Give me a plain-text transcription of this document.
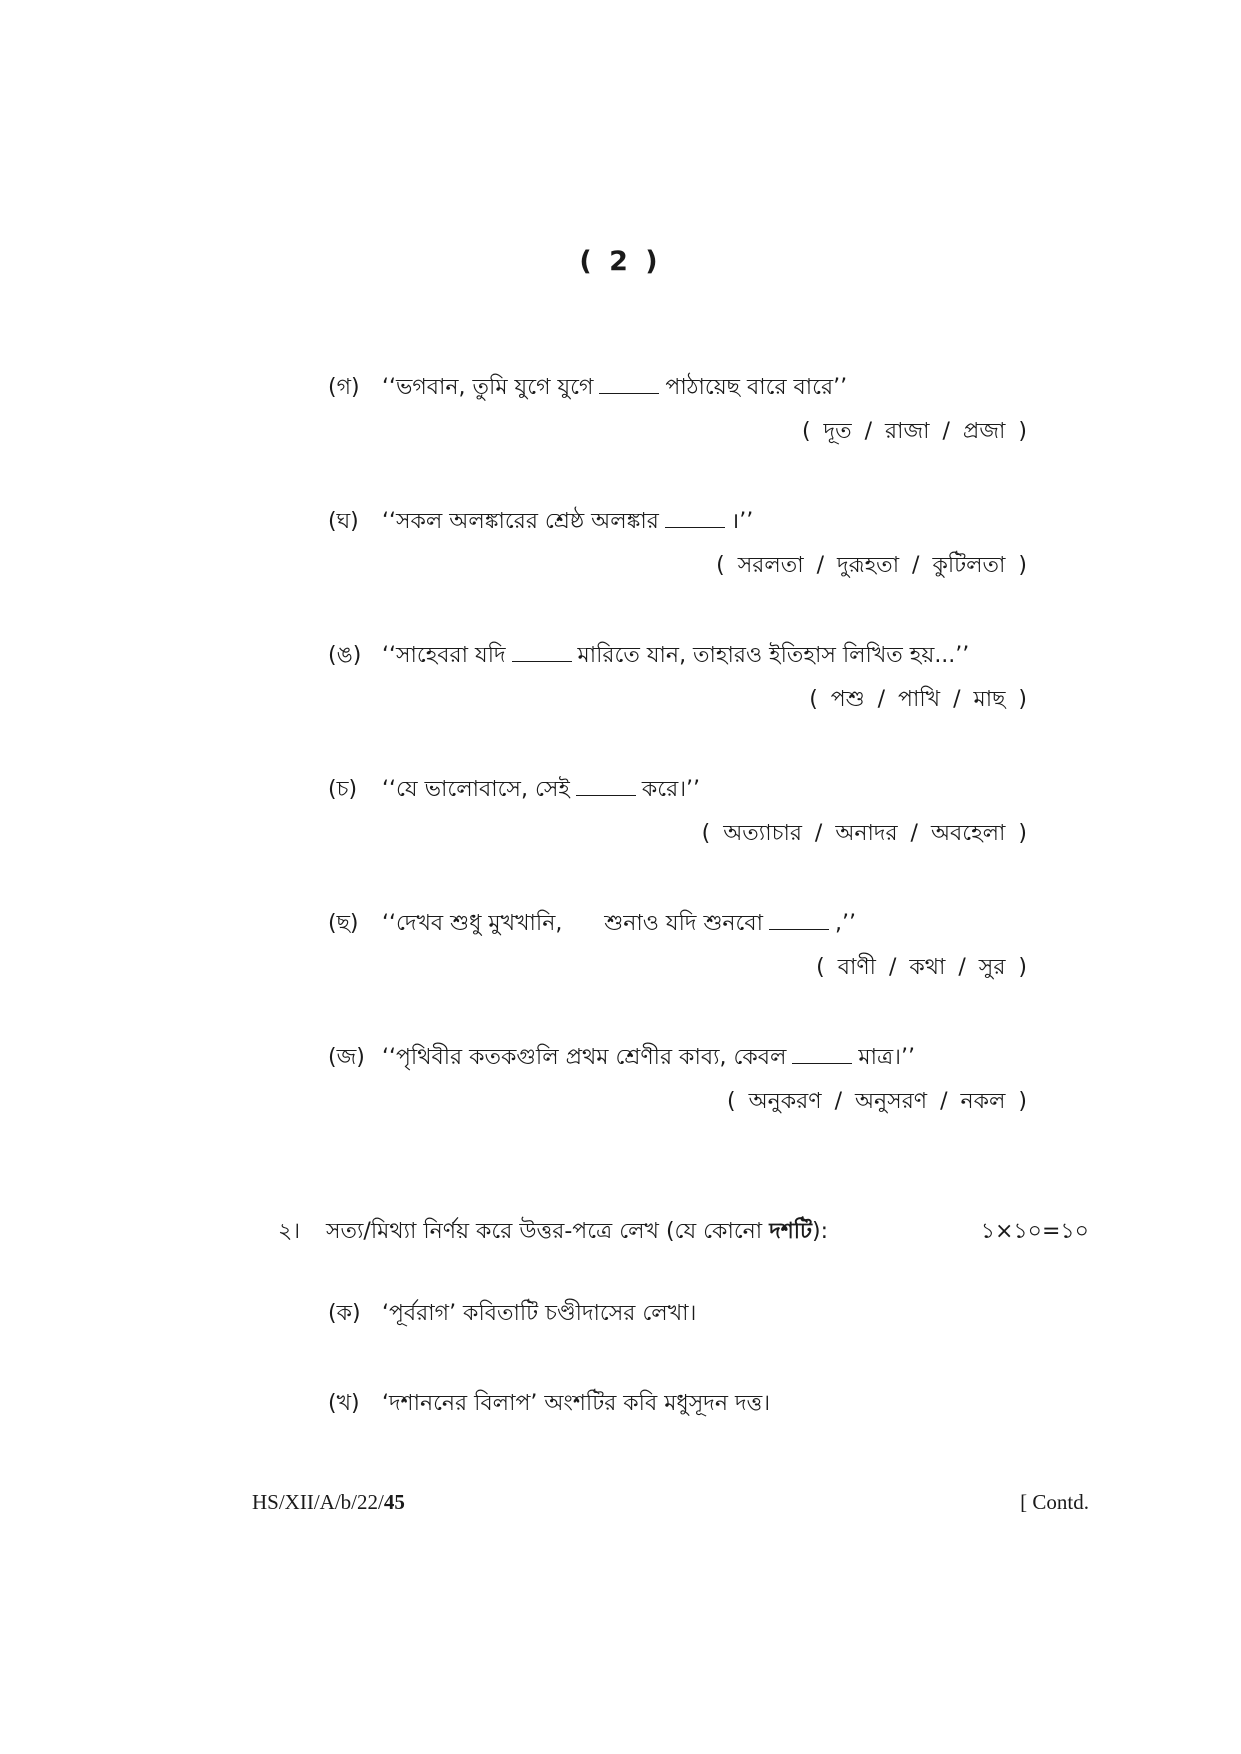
( 2 )
(গ) ‘‘ভগবান, তুমি যুগে যুগে	পাঠায়েছ বারে বারে’’
( দূত / রাজা / প্রজা )
(ঘ) ‘‘সকল অলঙ্কারের শ্রেষ্ঠ অলঙ্কার	।’’
( সরলতা / দুরূহতা / কুটিলতা )
(ঙ) ‘‘সাহেবরা যদি	মারিতে যান, তাহারও ইতিহাস লিখিত হয়...’’
( পশু / পাখি / মাছ )
(চ) ‘‘যে ভালোবাসে, সেই	করে।’’
( অত্যাচার / অনাদর / অবহেলা )
(ছ) ‘‘দেখব শুধু মুখখানি,      শুনাও যদি শুনবো	,’’
( বাণী / কথা / সুর )
(জ) ‘‘পৃথিবীর কতকগুলি প্রথম শ্রেণীর কাব্য, কেবল	মাত্র।’’
( অনুকরণ / অনুসরণ / নকল )
২। সত্য/মিথ্যা নির্ণয় করে উত্তর-পত্রে লেখ (যে কোনো দশটি):	১×১০=১০
(ক) ‘পূর্বরাগ’ কবিতাটি চণ্ডীদাসের লেখা।
(খ) ‘দশাননের বিলাপ’ অংশটির কবি মধুসূদন দত্ত।
HS/XII/A/b/22/45	[ Contd.
